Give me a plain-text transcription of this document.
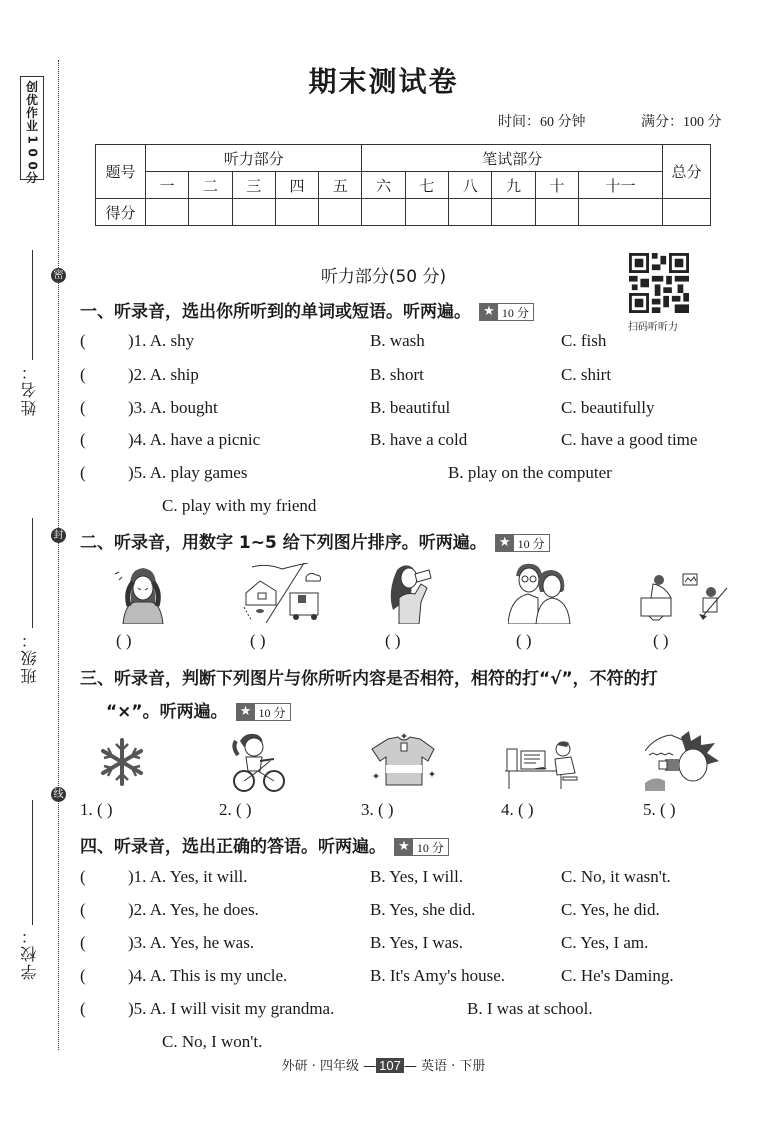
创
优
作
业
1
0
0
分
密
封
线
姓名：
班级：
学校：
期末测试卷
时间：60 分钟	满分：100 分
题号	听力部分					笔试部分						总分
	一	二	三	四	五	六	七	八	九	十	十一	
得分												
听力部分(50 分)
扫码听听力
一、听录音，选出你所听到的单词或短语。听两遍。 ★ 10 分
( )1. A. shy	B. wash	C. fish
( )2. A. ship	B. short	C. shirt
( )3. A. bought	B. beautiful	C. beautifully
( )4. A. have a picnic	B. have a cold	C. have a good time
( )5. A. play games	B. play on the computer
C. play with my friend
二、听录音，用数字 1~5 给下列图片排序。听两遍。 ★ 10 分
( )	( )	( )	( )	( )
三、听录音，判断下列图片与你所听内容是否相符，相符的打“√”，不符的打
“×”。听两遍。 ★ 10 分
1. ( )	2. ( )	3. ( )	4. ( )	5. ( )
四、听录音，选出正确的答语。听两遍。 ★ 10 分
( )1. A. Yes, it will.	B. Yes, I will.	C. No, it wasn't.
( )2. A. Yes, he does.	B. Yes, she did.	C. Yes, he did.
( )3. A. Yes, he was.	B. Yes, I was.	C. Yes, I am.
( )4. A. This is my uncle.	B. It's Amy's house.	C. He's Daming.
( )5. A. I will visit my grandma.	B. I was at school.
C. No, I won't.
外研 · 四年级 — 107 — 英语 · 下册
